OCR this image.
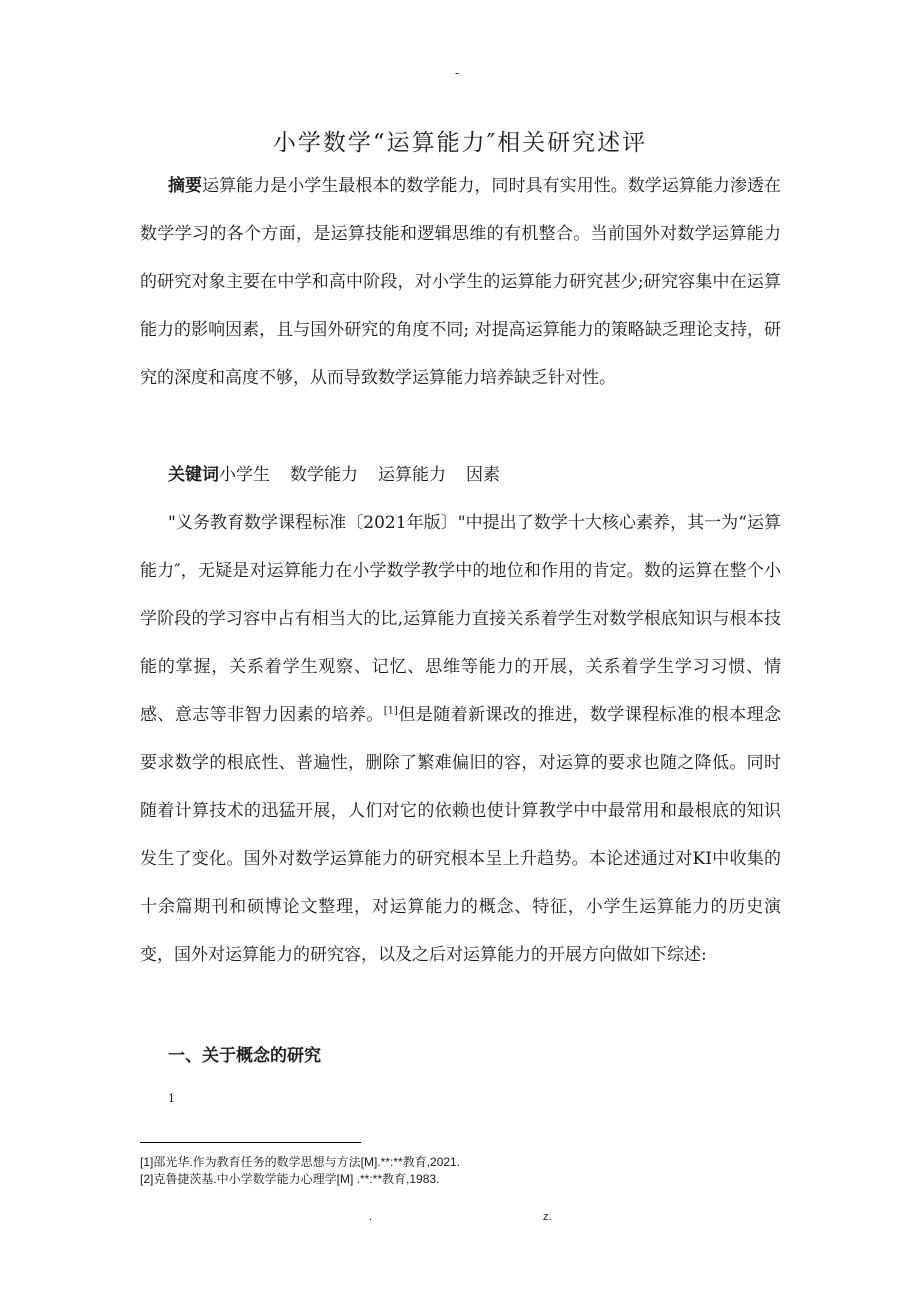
-
小学数学“运算能力″相关研究述评

摘要运算能力是小学生最根本的数学能力，同时具有实用性。数学运算能力渗透在数学学习的各个方面，是运算技能和逻辑思维的有机整合。当前国外对数学运算能力的研究对象主要在中学和高中阶段，对小学生的运算能力研究甚少;研究容集中在运算能力的影响因素，且与国外研究的角度不同; 对提高运算能力的策略缺乏理论支持，研究的深度和高度不够，从而导致数学运算能力培养缺乏针对性。

关键词小学生 数学能力 运算能力 因素

"义务教育数学课程标准〔2021年版〕"中提出了数学十大核心素养，其一为“运算能力″，无疑是对运算能力在小学数学教学中的地位和作用的肯定。数的运算在整个小学阶段的学习容中占有相当大的比,运算能力直接关系着学生对数学根底知识与根本技能的掌握，关系着学生观察、记忆、思维等能力的开展，关系着学生学习习惯、情感、意志等非智力因素的培养。[1]但是随着新课改的推进，数学课程标准的根本理念要求数学的根底性、普遍性，删除了繁难偏旧的容，对运算的要求也随之降低。同时随着计算技术的迅猛开展，人们对它的依赖也使计算教学中中最常用和最根底的知识发生了变化。国外对数学运算能力的研究根本呈上升趋势。本论述通过对KI中收集的十余篇期刊和硕博论文整理，对运算能力的概念、特征，小学生运算能力的历史演变，国外对运算能力的研究容，以及之后对运算能力的开展方向做如下综述:

一、关于概念的研究
1
[1]邵光华.作为教育任务的数学思想与方法[M].**:**教育,2021.
[2]克鲁捷茨基.中小学数学能力心理学[M] .**:**教育,1983.
.	z.
